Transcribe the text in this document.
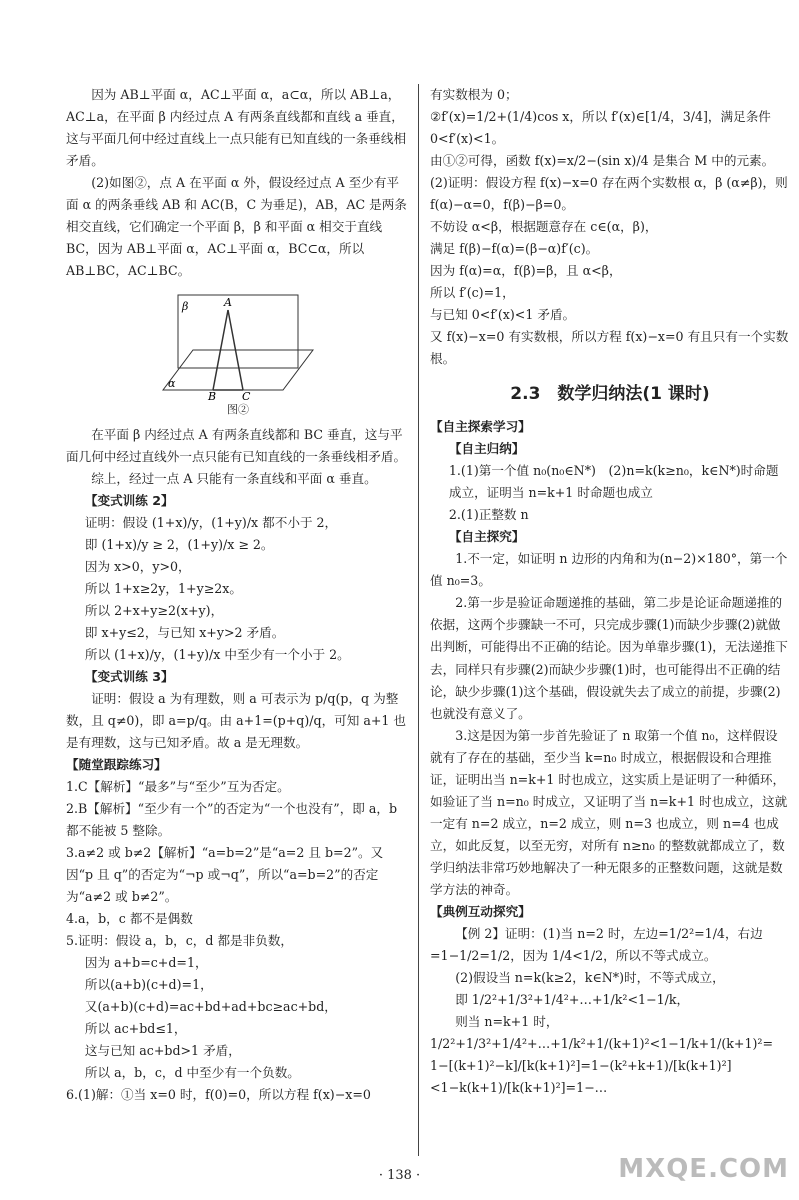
因为 AB⊥平面 α，AC⊥平面 α，a⊂α，所以 AB⊥a，

AC⊥a，在平面 β 内经过点 A 有两条直线都和直线 a 垂直，这与平面几何中经过直线上一点只能有已知直线的一条垂线相矛盾。

(2)如图②，点 A 在平面 α 外，假设经过点 A 至少有平面 α 的两条垂线 AB 和 AC(B，C 为垂足)，AB，AC 是两条相交直线，它们确定一个平面 β，β 和平面 α 相交于直线 BC，因为 AB⊥平面 α，AC⊥平面 α，BC⊂α，所以 AB⊥BC，AC⊥BC。

β	A
α
B C

图②

在平面 β 内经过点 A 有两条直线都和 BC 垂直，这与平面几何中经过直线外一点只能有已知直线的一条垂线相矛盾。

综上，经过一点 A 只能有一条直线和平面 α 垂直。

【变式训练 2】

证明：假设 (1+x)/y，(1+y)/x 都不小于 2，

即 (1+x)/y ≥ 2，(1+y)/x ≥ 2。

因为 x>0，y>0，

所以 1+x≥2y，1+y≥2x。

所以 2+x+y≥2(x+y)，

即 x+y≤2，与已知 x+y>2 矛盾。

所以 (1+x)/y，(1+y)/x 中至少有一个小于 2。

【变式训练 3】

证明：假设 a 为有理数，则 a 可表示为 p/q(p，q 为整数，且 q≠0)，即 a=p/q。由 a+1=(p+q)/q，可知 a+1 也是有理数，这与已知矛盾。故 a 是无理数。

【随堂跟踪练习】

1.C【解析】“最多”与“至少”互为否定。

2.B【解析】“至少有一个”的否定为“一个也没有”，即 a，b 都不能被 5 整除。

3.a≠2 或 b≠2【解析】“a=b=2”是“a=2 且 b=2”。又因“p 且 q”的否定为“¬p 或¬q”，所以“a=b=2”的否定为“a≠2 或 b≠2”。

4.a，b，c 都不是偶数

5.证明：假设 a，b，c，d 都是非负数，

因为 a+b=c+d=1，

所以(a+b)(c+d)=1，

又(a+b)(c+d)=ac+bd+ad+bc≥ac+bd，

所以 ac+bd≤1，

这与已知 ac+bd>1 矛盾，

所以 a，b，c，d 中至少有一个负数。

6.(1)解：①当 x=0 时，f(0)=0，所以方程 f(x)−x=0

有实数根为 0；

②f′(x)=1/2+(1/4)cos x，所以 f′(x)∈[1/4，3/4]，满足条件 0<f′(x)<1。

由①②可得，函数 f(x)=x/2−(sin x)/4 是集合 M 中的元素。

(2)证明：假设方程 f(x)−x=0 存在两个实数根 α，β (α≠β)，则 f(α)−α=0，f(β)−β=0。

不妨设 α<β，根据题意存在 c∈(α，β)，

满足 f(β)−f(α)=(β−α)f′(c)。

因为 f(α)=α，f(β)=β，且 α<β，

所以 f′(c)=1，

与已知 0<f′(x)<1 矛盾。

又 f(x)−x=0 有实数根，所以方程 f(x)−x=0 有且只有一个实数根。

2.3　数学归纳法(1 课时)

【自主探索学习】

【自主归纳】

1.(1)第一个值 n₀(n₀∈N*)　(2)n=k(k≥n₀，k∈N*)时命题成立，证明当 n=k+1 时命题也成立

2.(1)正整数 n

【自主探究】

1.不一定，如证明 n 边形的内角和为(n−2)×180°，第一个值 n₀=3。

2.第一步是验证命题递推的基础，第二步是论证命题递推的依据，这两个步骤缺一不可，只完成步骤(1)而缺少步骤(2)就做出判断，可能得出不正确的结论。因为单靠步骤(1)，无法递推下去，同样只有步骤(2)而缺少步骤(1)时，也可能得出不正确的结论，缺少步骤(1)这个基础，假设就失去了成立的前提，步骤(2)也就没有意义了。

3.这是因为第一步首先验证了 n 取第一个值 n₀，这样假设就有了存在的基础，至少当 k=n₀ 时成立，根据假设和合理推证，证明出当 n=k+1 时也成立，这实质上是证明了一种循环，如验证了当 n=n₀ 时成立，又证明了当 n=k+1 时也成立，这就一定有 n=2 成立，n=2 成立，则 n=3 也成立，则 n=4 也成立，如此反复，以至无穷，对所有 n≥n₀ 的整数就都成立了，数学归纳法非常巧妙地解决了一种无限多的正整数问题，这就是数学方法的神奇。

【典例互动探究】

【例 2】证明：(1)当 n=2 时，左边=1/2²=1/4，右边=1−1/2=1/2，因为 1/4<1/2，所以不等式成立。

(2)假设当 n=k(k≥2，k∈N*)时，不等式成立，

即 1/2²+1/3²+1/4²+…+1/k²<1−1/k，

则当 n=k+1 时，

1/2²+1/3²+1/4²+…+1/k²+1/(k+1)²<1−1/k+1/(k+1)²=

1−[(k+1)²−k]/[k(k+1)²]=1−(k²+k+1)/[k(k+1)²]<1−k(k+1)/[k(k+1)²]=1−…

· 138 ·	MXQE.COM
